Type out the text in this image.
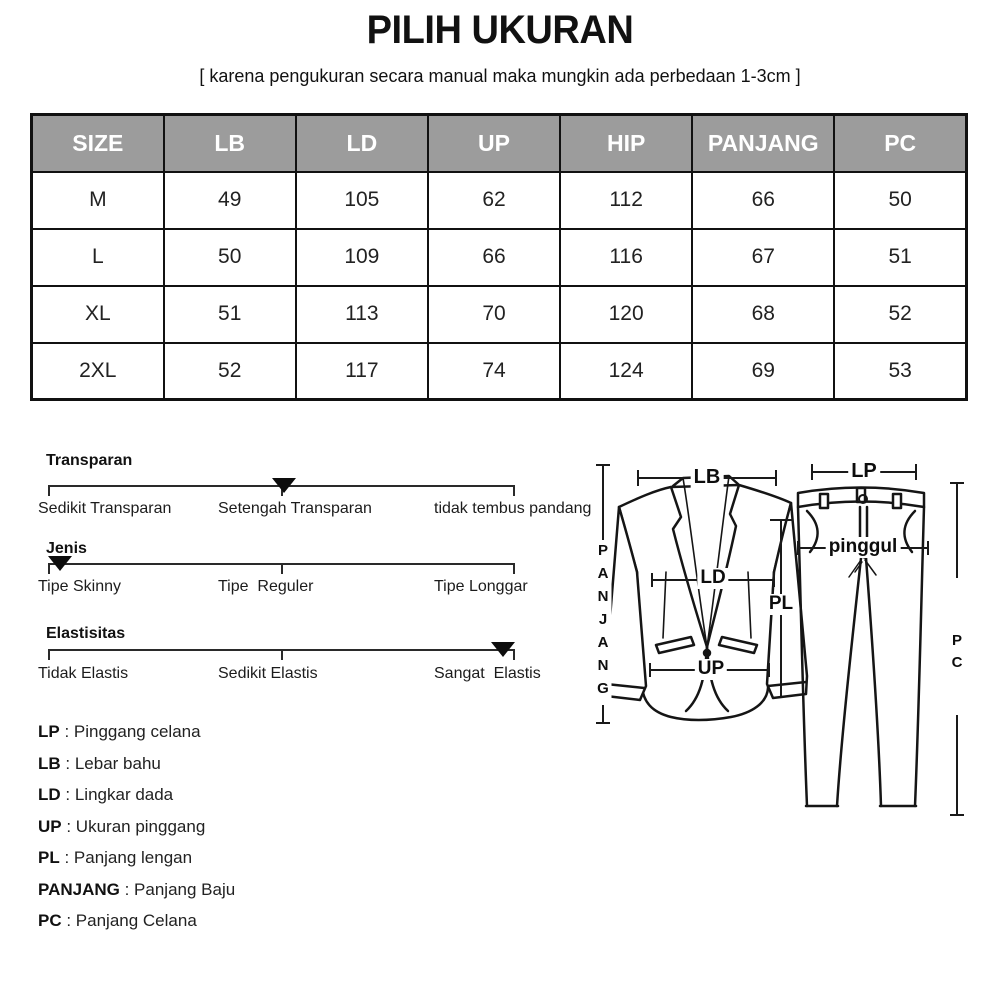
PILIH UKURAN
[ karena pengukuran secara manual maka mungkin ada perbedaan 1-3cm ]
SIZE	LB	LD	UP	HIP	PANJANG	PC
M	49	105	62	112	66	50
L	50	109	66	116	67	51
XL	51	113	70	120	68	52
2XL	52	117	74	124	69	53
Transparan
Sedikit Transparan	Setengah Transparan	tidak tembus pandang
Jenis
Tipe Skinny	Tipe  Reguler	Tipe Longgar
Elastisitas
Tidak Elastis	Sedikit Elastis	Sangat  Elastis
LP : Pinggang celana
LB : Lebar bahu
LD : Lingkar dada
UP : Ukuran pinggang
PL : Panjang lengan
PANJANG : Panjang Baju
PC : Panjang Celana
LB	LP
LD
PL
UP
pinggul
PANJANG	PC
